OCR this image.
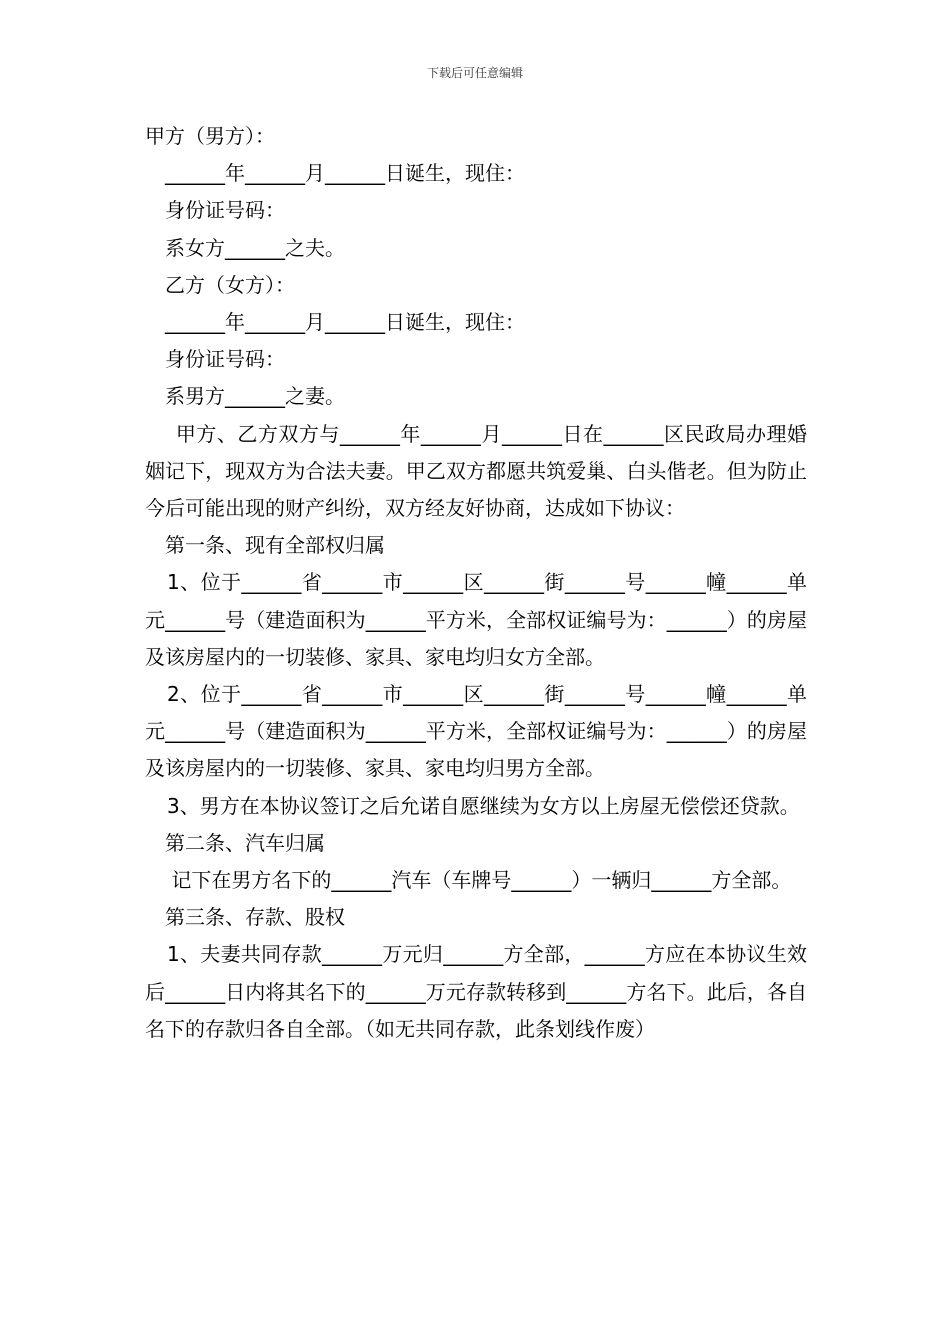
下载后可任意编辑

甲方（男方）：

______年______月______日诞生，现住：

身份证号码：

系女方______之夫。

乙方（女方）：

______年______月______日诞生，现住：

身份证号码：

系男方______之妻。

甲方、乙方双方与______年______月______日在______区民政局办理婚姻记下，现双方为合法夫妻。甲乙双方都愿共筑爱巢、白头偕老。但为防止今后可能出现的财产纠纷，双方经友好协商，达成如下协议：

第一条、现有全部权归属

1、位于______省______市______区______街______号______幢______单元______号（建造面积为______平方米，全部权证编号为：______）的房屋及该房屋内的一切装修、家具、家电均归女方全部。

2、位于______省______市______区______街______号______幢______单元______号（建造面积为______平方米，全部权证编号为：______）的房屋及该房屋内的一切装修、家具、家电均归男方全部。

3、男方在本协议签订之后允诺自愿继续为女方以上房屋无偿偿还贷款。

第二条、汽车归属

记下在男方名下的______汽车（车牌号______）一辆归______方全部。

第三条、存款、股权

1、夫妻共同存款______万元归______方全部，______方应在本协议生效后______日内将其名下的______万元存款转移到______方名下。此后，各自名下的存款归各自全部。（如无共同存款，此条划线作废）
